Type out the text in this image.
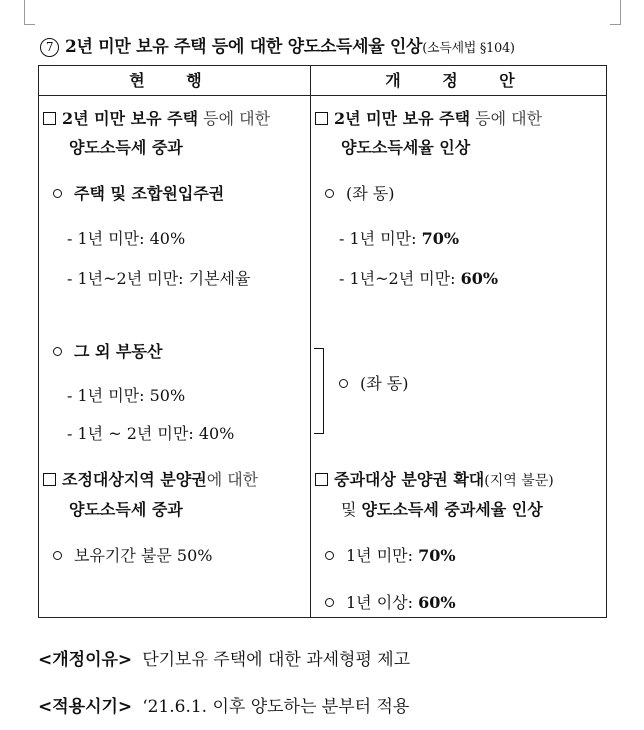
7 2년 미만 보유 주택 등에 대한 양도소득세율 인상(소득세법 §104)
현 행	개 정 안
2년 미만 보유 주택 등에 대한
양도소득세 중과
주택 및 조합원입주권
- 1년 미만: 40%
- 1년~2년 미만: 기본세율
그 외 부동산
- 1년 미만: 50%
- 1년 ~ 2년 미만: 40%
조정대상지역 분양권에 대한
양도소득세 중과
보유기간 불문 50%
2년 미만 보유 주택 등에 대한
양도소득세율 인상
(좌 동)
- 1년 미만: 70%
- 1년~2년 미만: 60%
(좌 동)
중과대상 분양권 확대(지역 불문)
및 양도소득세 중과세율 인상
1년 미만: 70%
1년 이상: 60%
<개정이유> 단기보유 주택에 대한 과세형평 제고
<적용시기> ‘21.6.1. 이후 양도하는 분부터 적용
